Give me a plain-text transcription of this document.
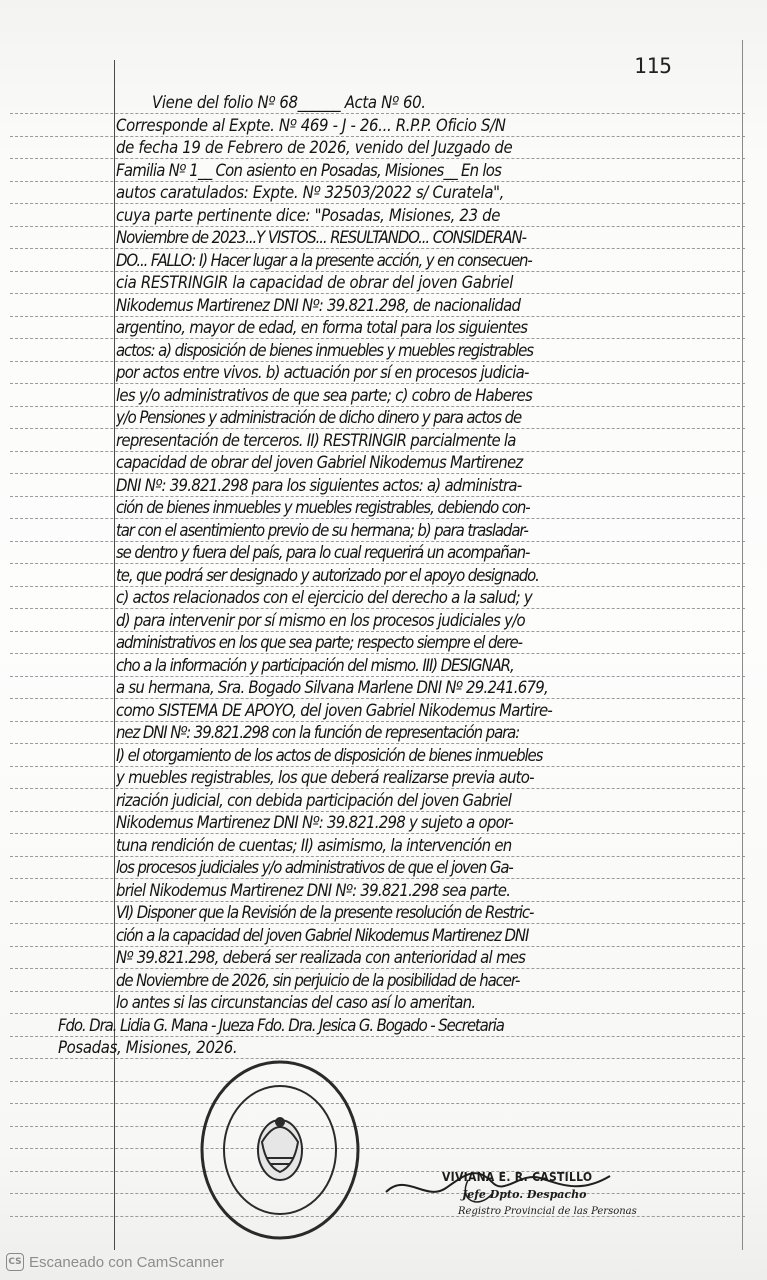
115
Viene del folio Nº 68______ Acta Nº 60.
Corresponde al Expte. Nº 469 - J - 26... R.P.P. Oficio S/N
de fecha 19 de Febrero de 2026, venido del Juzgado de
Familia Nº 1__ Con asiento en Posadas, Misiones__ En los
autos caratulados: Expte. Nº 32503/2022 s/ Curatela",
cuya parte pertinente dice: "Posadas, Misiones, 23 de
Noviembre de 2023...Y VISTOS... RESULTANDO... CONSIDERAN-
DO... FALLO: I) Hacer lugar a la presente acción, y en consecuen-
cia RESTRINGIR la capacidad de obrar del joven Gabriel
Nikodemus Martirenez DNI Nº: 39.821.298, de nacionalidad
argentino, mayor de edad, en forma total para los siguientes
actos: a) disposición de bienes inmuebles y muebles registrables
por actos entre vivos. b) actuación por sí en procesos judicia-
les y/o administrativos de que sea parte; c) cobro de Haberes
y/o Pensiones y administración de dicho dinero y para actos de
representación de terceros. II) RESTRINGIR parcialmente la
capacidad de obrar del joven Gabriel Nikodemus Martirenez
DNI Nº: 39.821.298 para los siguientes actos: a) administra-
ción de bienes inmuebles y muebles registrables, debiendo con-
tar con el asentimiento previo de su hermana; b) para trasladar-
se dentro y fuera del país, para lo cual requerirá un acompañan-
te, que podrá ser designado y autorizado por el apoyo designado.
c) actos relacionados con el ejercicio del derecho a la salud; y
d) para intervenir por sí mismo en los procesos judiciales y/o
administrativos en los que sea parte; respecto siempre el dere-
cho a la información y participación del mismo. III) DESIGNAR,
a su hermana, Sra. Bogado Silvana Marlene DNI Nº 29.241.679,
como SISTEMA DE APOYO, del joven Gabriel Nikodemus Martire-
nez DNI Nº: 39.821.298 con la función de representación para:
I) el otorgamiento de los actos de disposición de bienes inmuebles
y muebles registrables, los que deberá realizarse previa auto-
rización judicial, con debida participación del joven Gabriel
Nikodemus Martirenez DNI Nº: 39.821.298 y sujeto a opor-
tuna rendición de cuentas; II) asimismo, la intervención en
los procesos judiciales y/o administrativos de que el joven Ga-
briel Nikodemus Martirenez DNI Nº: 39.821.298 sea parte.
VI) Disponer que la Revisión de la presente resolución de Restric-
ción a la capacidad del joven Gabriel Nikodemus Martirenez DNI
Nº 39.821.298, deberá ser realizada con anterioridad al mes
de Noviembre de 2026, sin perjuicio de la posibilidad de hacer-
lo antes si las circunstancias del caso así lo ameritan.
Fdo. Dra. Lidia G. Mana - Jueza Fdo. Dra. Jesica G. Bogado - Secretaria
Posadas, Misiones, 2026.
VIVIANA E. R. CASTILLO
Jefe Dpto. Despacho
Registro Provincial de las Personas
CS Escaneado con CamScanner
